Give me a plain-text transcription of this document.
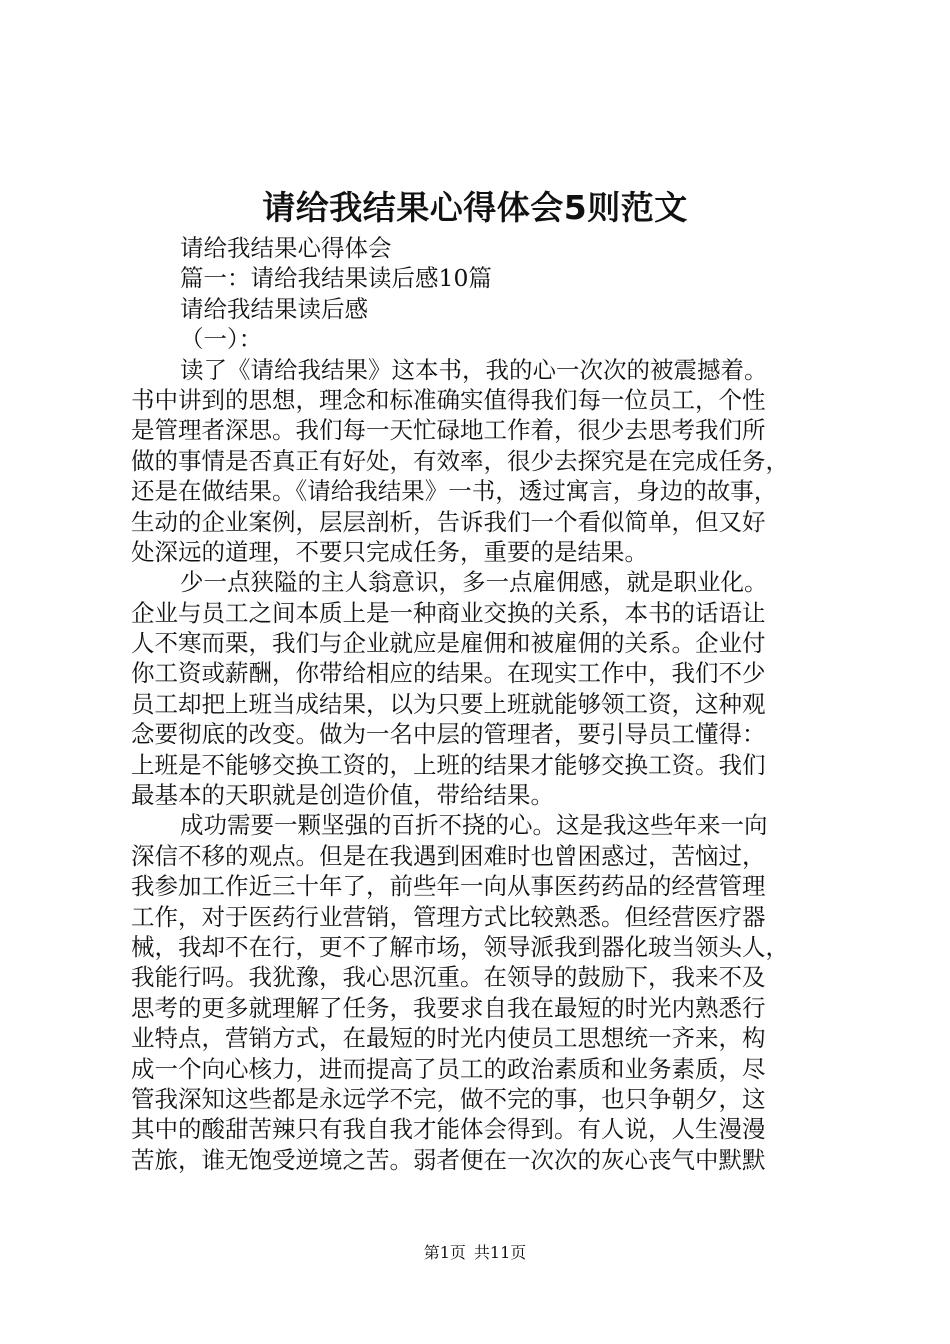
请给我结果心得体会5则范文

请给我结果心得体会

篇一：请给我结果读后感10篇

请给我结果读后感

（一）：

读了《请给我结果》这本书，我的心一次次的被震撼着。

书中讲到的思想，理念和标准确实值得我们每一位员工，个性

是管理者深思。我们每一天忙碌地工作着，很少去思考我们所

做的事情是否真正有好处，有效率，很少去探究是在完成任务，

还是在做结果。《请给我结果》一书，透过寓言，身边的故事，

生动的企业案例，层层剖析，告诉我们一个看似简单，但又好

处深远的道理，不要只完成任务，重要的是结果。

少一点狭隘的主人翁意识，多一点雇佣感，就是职业化。

企业与员工之间本质上是一种商业交换的关系，本书的话语让

人不寒而栗，我们与企业就应是雇佣和被雇佣的关系。企业付

你工资或薪酬，你带给相应的结果。在现实工作中，我们不少

员工却把上班当成结果，以为只要上班就能够领工资，这种观

念要彻底的改变。做为一名中层的管理者，要引导员工懂得：

上班是不能够交换工资的，上班的结果才能够交换工资。我们

最基本的天职就是创造价值，带给结果。

成功需要一颗坚强的百折不挠的心。这是我这些年来一向

深信不移的观点。但是在我遇到困难时也曾困惑过，苦恼过，

我参加工作近三十年了，前些年一向从事医药药品的经营管理

工作，对于医药行业营销，管理方式比较熟悉。但经营医疗器

械，我却不在行，更不了解市场，领导派我到器化玻当领头人，

我能行吗。我犹豫，我心思沉重。在领导的鼓励下，我来不及

思考的更多就理解了任务，我要求自我在最短的时光内熟悉行

业特点，营销方式，在最短的时光内使员工思想统一齐来，构

成一个向心核力，进而提高了员工的政治素质和业务素质，尽

管我深知这些都是永远学不完，做不完的事，也只争朝夕，这

其中的酸甜苦辣只有我自我才能体会得到。有人说，人生漫漫

苦旅，谁无饱受逆境之苦。弱者便在一次次的灰心丧气中默默

第1页 共11页
